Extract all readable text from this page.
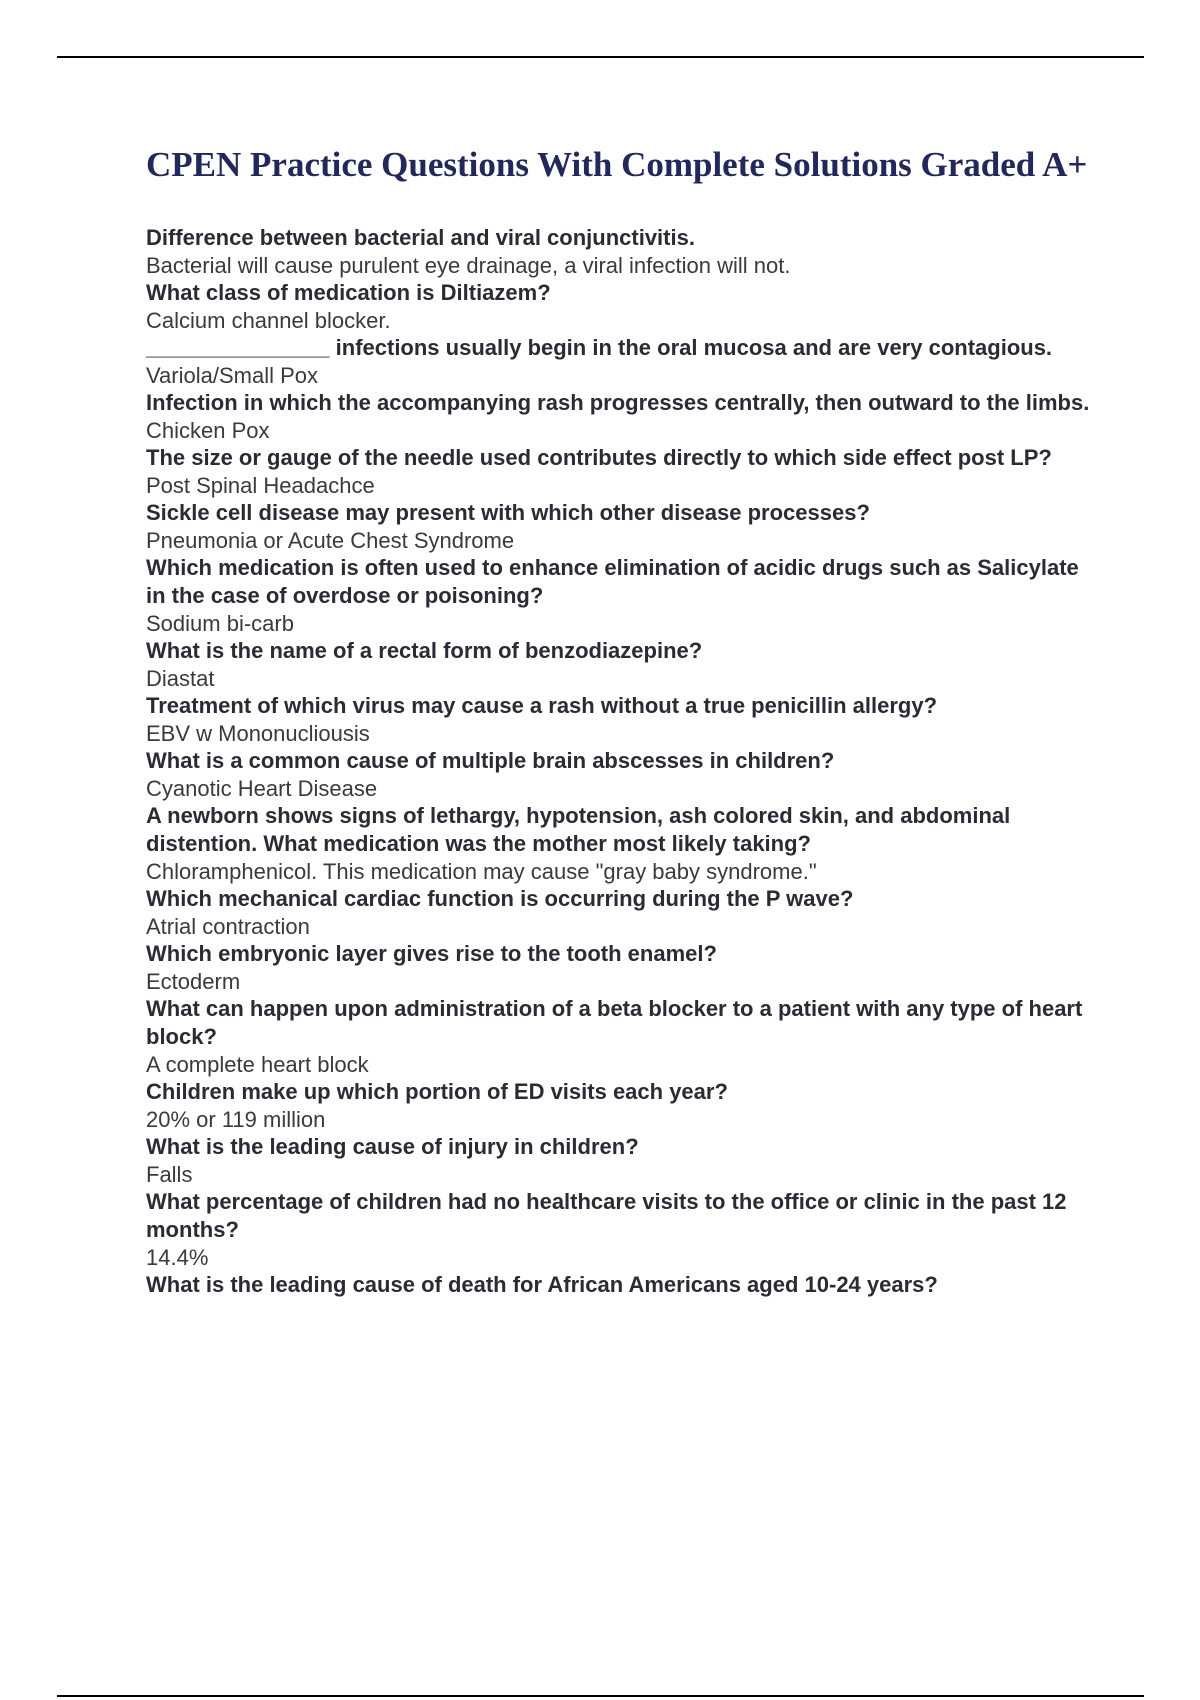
CPEN Practice Questions With Complete Solutions Graded A+
Difference between bacterial and viral conjunctivitis.
Bacterial will cause purulent eye drainage, a viral infection will not.
What class of medication is Diltiazem?
Calcium channel blocker.
_______________ infections usually begin in the oral mucosa and are very contagious.
Variola/Small Pox
Infection in which the accompanying rash progresses centrally, then outward to the limbs.
Chicken Pox
The size or gauge of the needle used contributes directly to which side effect post LP?
Post Spinal Headachce
Sickle cell disease may present with which other disease processes?
Pneumonia or Acute Chest Syndrome
Which medication is often used to enhance elimination of acidic drugs such as Salicylate in the case of overdose or poisoning?
Sodium bi-carb
What is the name of a rectal form of benzodiazepine?
Diastat
Treatment of which virus may cause a rash without a true penicillin allergy?
EBV w Mononucliousis
What is a common cause of multiple brain abscesses in children?
Cyanotic Heart Disease
A newborn shows signs of lethargy, hypotension, ash colored skin, and abdominal distention. What medication was the mother most likely taking?
Chloramphenicol. This medication may cause "gray baby syndrome."
Which mechanical cardiac function is occurring during the P wave?
Atrial contraction
Which embryonic layer gives rise to the tooth enamel?
Ectoderm
What can happen upon administration of a beta blocker to a patient with any type of heart block?
A complete heart block
Children make up which portion of ED visits each year?
20% or 119 million
What is the leading cause of injury in children?
Falls
What percentage of children had no healthcare visits to the office or clinic in the past 12 months?
14.4%
What is the leading cause of death for African Americans aged 10-24 years?
